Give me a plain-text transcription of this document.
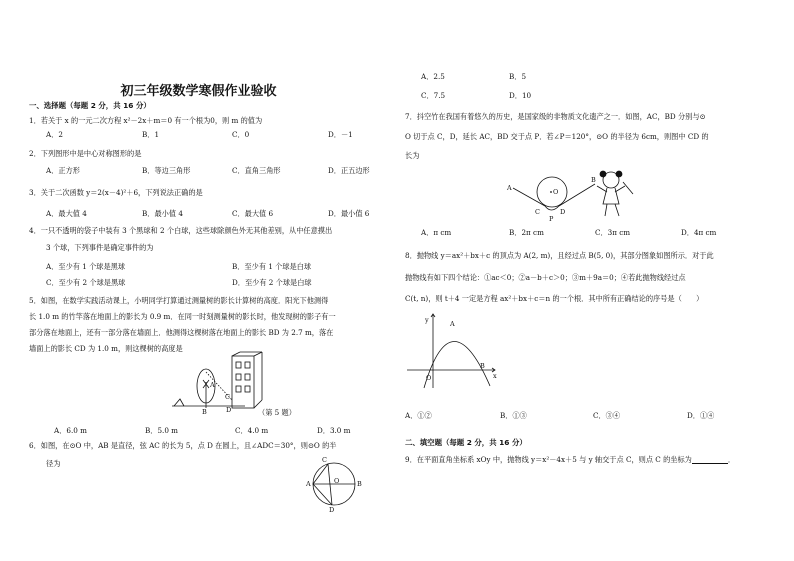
初三年级数学寒假作业验收
一、选择题（每题 2 分，共 16 分）
1．若关于 x 的一元二次方程 x²－2x＋m＝0 有一个根为0，则 m 的值为
A．2	B．1	C．0	D．－1
2．下列图形中是中心对称图形的是
A．正方形	B．等边三角形	C．直角三角形	D．正五边形
3．关于二次函数 y＝2(x－4)²＋6，下列说法正确的是
A．最大值 4	B．最小值 4	C．最大值 6	D．最小值 6
4．一只不透明的袋子中装有 3 个黑球和 2 个白球，这些球除颜色外无其他差别，从中任意摸出
3 个球，下列事件是确定事件的为
A．至少有 1 个球是黑球	B．至少有 1 个球是白球
C．至少有 2 个球是黑球	D．至少有 2 个球是白球
5．如图，在数学实践活动课上，小明同学打算通过测量树的影长计算树的高度．阳光下他测得
长 1.0 m 的竹竿落在地面上的影长为 0.9 m．在同一时刻测量树的影长时，他发现树的影子有一
部分落在地面上，还有一部分落在墙面上．他测得这棵树落在地面上的影长 BD 为 2.7 m，落在
墙面上的影长 CD 为 1.0 m，则这棵树的高度是
A
B
C
D	（第 5 题）
A．6.0 m	B．5.0 m	C．4.0 m	D．3.0 m
6．如图，在⊙O 中，AB 是直径，弦 AC 的长为 5，点 D 在圆上，且∠ADC＝30°，则⊙O 的半
径为	C
A	O	B
D
A．2.5	B．5
C．7.5	D．10
7．抖空竹在我国有着悠久的历史，是国家级的非物质文化遗产之一．如图，AC，BD 分别与⊙
O 切于点 C，D，延长 AC，BD 交于点 P．若∠P＝120°，⊙O 的半径为 6cm，则图中 CD 的
长为
A	O
B
C
P
D
A．π cm	B．2π cm	C．3π cm	D．4π cm
8．抛物线 y＝ax²＋bx＋c 的顶点为 A(2, m)，且经过点 B(5, 0)，其部分图象如图所示．对于此
抛物线有如下四个结论：①ac＜0；②a－b＋c＞0；③m＋9a＝0；④若此抛物线经过点
C(t, n)，则 t＋4 一定是方程 ax²＋bx＋c＝n 的一个根．其中所有正确结论的序号是（　　）
y	A
O
B
x
A．①②	B．①③	C．③④	D．①④
二、填空题（每题 2 分，共 16 分）
9．在平面直角坐标系 xOy 中，抛物线 y＝x²－4x＋5 与 y 轴交于点 C，则点 C 的坐标为	．
